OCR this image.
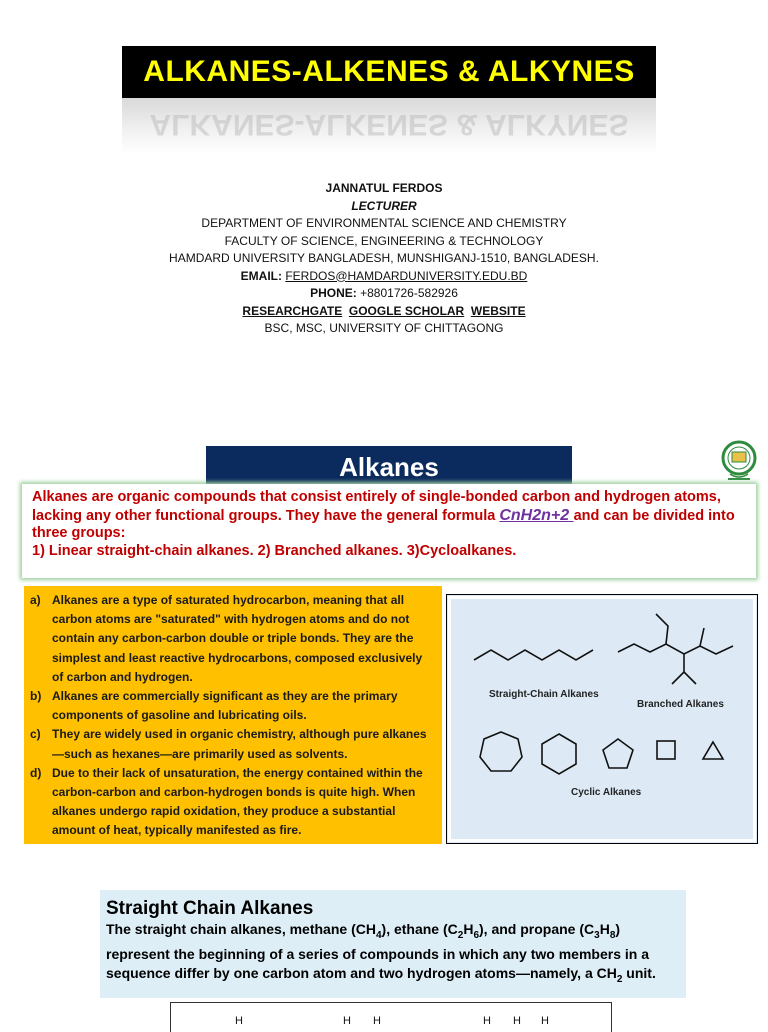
ALKANES-ALKENES & ALKYNES
ALKANES-ALKENES & ALKYNES
JANNATUL FERDOS
LECTURER
DEPARTMENT OF ENVIRONMENTAL SCIENCE AND CHEMISTRY
FACULTY OF SCIENCE, ENGINEERING & TECHNOLOGY
HAMDARD UNIVERSITY BANGLADESH, MUNSHIGANJ-1510, BANGLADESH.
EMAIL: FERDOS@HAMDARDUNIVERSITY.EDU.BD
PHONE: +8801726-582926
RESEARCHGATE GOOGLE SCHOLAR WEBSITE
BSC, MSC, UNIVERSITY OF CHITTAGONG
Alkanes

Alkanes are organic compounds that consist entirely of single-bonded carbon and hydrogen atoms, lacking any other functional groups. They have the general formula CnH2n+2 and can be divided into three groups:

1) Linear straight-chain alkanes. 2) Branched alkanes. 3)Cycloalkanes.

a) Alkanes are a type of saturated hydrocarbon, meaning that all carbon atoms are "saturated" with hydrogen atoms and do not contain any carbon-carbon double or triple bonds. They are the simplest and least reactive hydrocarbons, composed exclusively of carbon and hydrogen.
b) Alkanes are commercially significant as they are the primary components of gasoline and lubricating oils.
c) They are widely used in organic chemistry, although pure alkanes—such as hexanes—are primarily used as solvents.
d) Due to their lack of unsaturation, the energy contained within the carbon-carbon and carbon-hydrogen bonds is quite high. When alkanes undergo rapid oxidation, they produce a substantial amount of heat, typically manifested as fire.
Straight-Chain Alkanes
Branched Alkanes
Cyclic Alkanes
Straight Chain Alkanes
The straight chain alkanes, methane $(CH_4)$, ethane $(C_2H_6)$, and propane $(C_3H_8)$ represent the beginning of a series of compounds in which any two members in a sequence differ by one carbon atom and two hydrogen atoms—namely, a $CH_2$ unit.
H	H H	H H H
